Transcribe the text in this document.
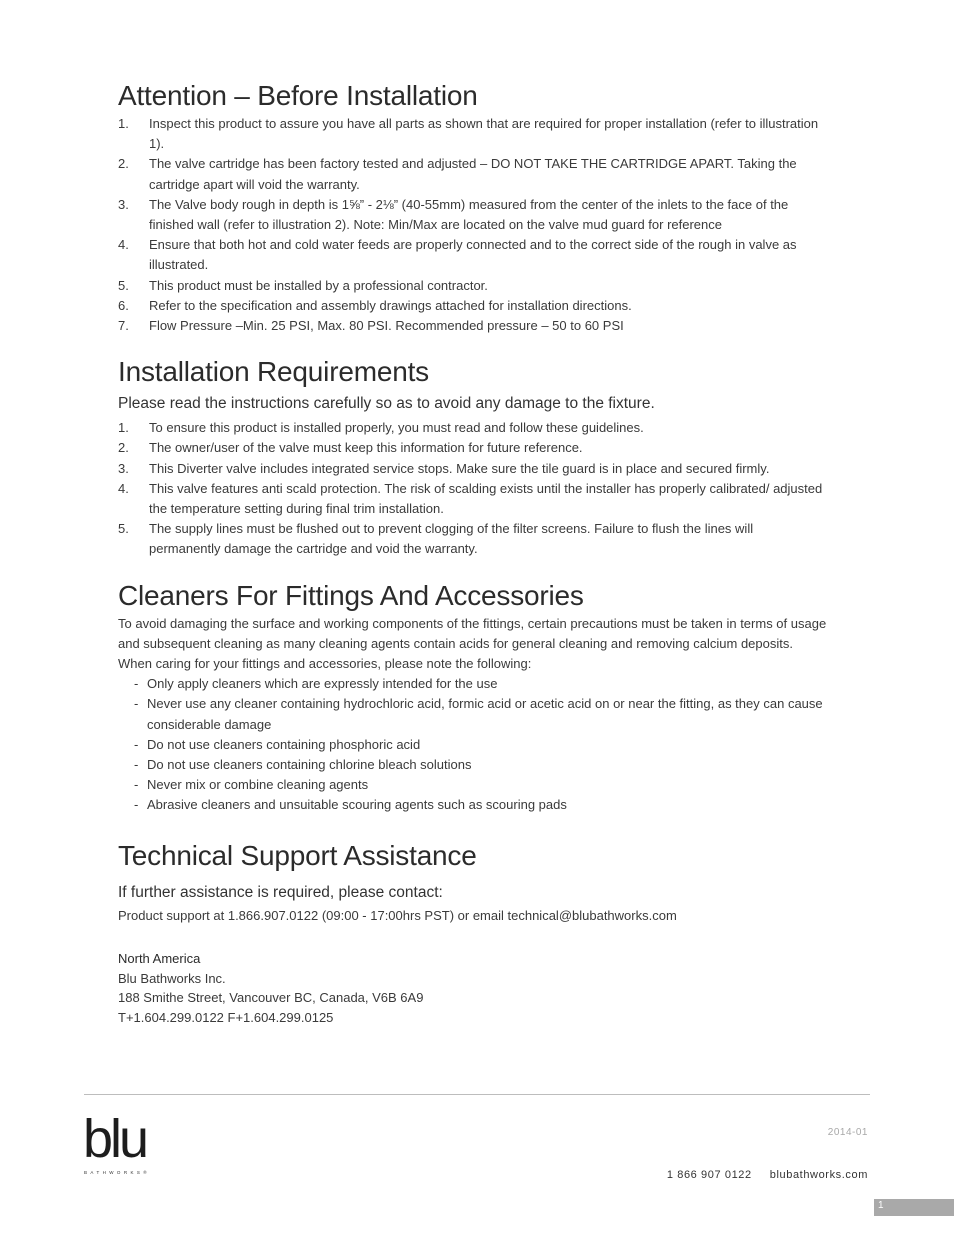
Attention – Before Installation
1. Inspect this product to assure you have all parts as shown that are required for proper installation (refer to illustration 1).
2. The valve cartridge has been factory tested and adjusted – DO NOT TAKE THE CARTRIDGE APART. Taking the cartridge apart will void the warranty.
3. The Valve body rough in depth is 1⅝” - 2⅛” (40-55mm) measured from the center of the inlets to the face of the finished wall (refer to illustration 2). Note: Min/Max are located on the valve mud guard for reference
4. Ensure that both hot and cold water feeds are properly connected and to the correct side of the rough in valve as illustrated.
5. This product must be installed by a professional contractor.
6. Refer to the specification and assembly drawings attached for installation directions.
7. Flow Pressure –Min. 25 PSI, Max. 80 PSI. Recommended pressure – 50 to 60 PSI
Installation Requirements

Please read the instructions carefully so as to avoid any damage to the fixture.

1. To ensure this product is installed properly, you must read and follow these guidelines.
2. The owner/user of the valve must keep this information for future reference.
3. This Diverter valve includes integrated service stops. Make sure the tile guard is in place and secured firmly.
4. This valve features anti scald protection. The risk of scalding exists until the installer has properly calibrated/ adjusted the temperature setting during final trim installation.
5. The supply lines must be flushed out to prevent clogging of the filter screens. Failure to flush the lines will permanently damage the cartridge and void the warranty.
Cleaners For Fittings And Accessories

To avoid damaging the surface and working components of the fittings, certain precautions must be taken in terms of usage and subsequent cleaning as many cleaning agents contain acids for general cleaning and removing calcium deposits. When caring for your fittings and accessories, please note the following:

- Only apply cleaners which are expressly intended for the use
- Never use any cleaner containing hydrochloric acid, formic acid or acetic acid on or near the fitting, as they can cause considerable damage
- Do not use cleaners containing phosphoric acid
- Do not use cleaners containing chlorine bleach solutions
- Never mix or combine cleaning agents
- Abrasive cleaners and unsuitable scouring agents such as scouring pads
Technical Support Assistance

If further assistance is required, please contact:

Product support at 1.866.907.0122 (09:00 - 17:00hrs PST) or email technical@blubathworks.com

North America

Blu Bathworks Inc.

188 Smithe Street, Vancouver BC, Canada, V6B 6A9

T+1.604.299.0122 F+1.604.299.0125

blu
BATHWORKS®
2014-01
1 866 907 0122 blubathworks.com
1
